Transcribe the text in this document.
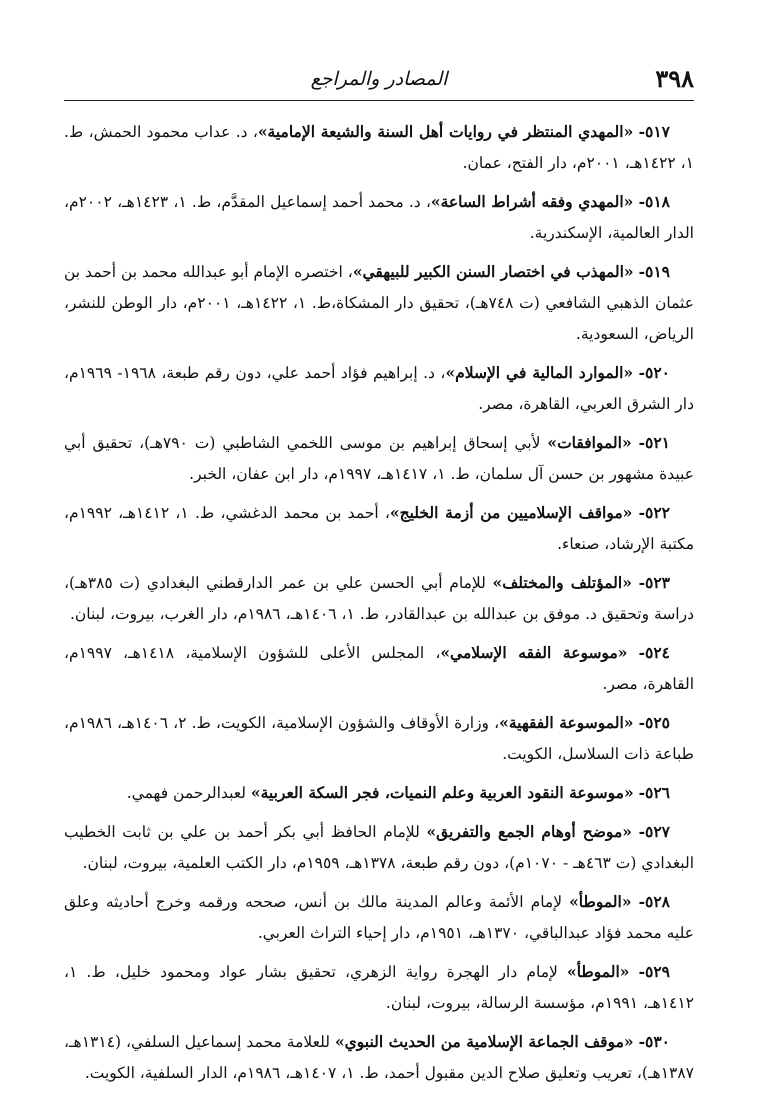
٣٩٨
المصادر والمراجع

٥١٧- «المهدي المنتظر في روايات أهل السنة والشيعة الإمامية»، د. عداب محمود الحمش، ط. ١، ١٤٢٢هـ، ٢٠٠١م، دار الفتح، عمان.

٥١٨- «المهدي وفقه أشراط الساعة»، د. محمد أحمد إسماعيل المقدَّم، ط. ١، ١٤٢٣هـ، ٢٠٠٢م، الدار العالمية، الإسكندرية.

٥١٩- «المهذب في اختصار السنن الكبير للبيهقي»، اختصره الإمام أبو عبدالله محمد بن أحمد بن عثمان الذهبي الشافعي (ت ٧٤٨هـ)، تحقيق دار المشكاة،ط. ١، ١٤٢٢هـ، ٢٠٠١م، دار الوطن للنشر، الرياض، السعودية.

٥٢٠- «الموارد المالية في الإسلام»، د. إبراهيم فؤاد أحمد علي، دون رقم طبعة، ١٩٦٨- ١٩٦٩م، دار الشرق العربي، القاهرة، مصر.

٥٢١- «الموافقات» لأبي إسحاق إبراهيم بن موسى اللخمي الشاطبي (ت ٧٩٠هـ)، تحقيق أبي عبيدة مشهور بن حسن آل سلمان، ط. ١، ١٤١٧هـ، ١٩٩٧م، دار ابن عفان، الخبر.

٥٢٢- «مواقف الإسلاميين من أزمة الخليج»، أحمد بن محمد الدغشي، ط. ١، ١٤١٢هـ، ١٩٩٢م، مكتبة الإرشاد، صنعاء.

٥٢٣- «المؤتلف والمختلف» للإمام أبي الحسن علي بن عمر الدارقطني البغدادي (ت ٣٨٥هـ)، دراسة وتحقيق د. موفق بن عبدالله بن عبدالقادر، ط. ١، ١٤٠٦هـ، ١٩٨٦م، دار الغرب، بيروت، لبنان.

٥٢٤- «موسوعة الفقه الإسلامي»، المجلس الأعلى للشؤون الإسلامية، ١٤١٨هـ، ١٩٩٧م، القاهرة، مصر.

٥٢٥- «الموسوعة الفقهية»، وزارة الأوقاف والشؤون الإسلامية، الكويت، ط. ٢، ١٤٠٦هـ، ١٩٨٦م، طباعة ذات السلاسل، الكويت.

٥٢٦- «موسوعة النقود العربية وعلم النميات، فجر السكة العربية» لعبدالرحمن فهمي.

٥٢٧- «موضح أوهام الجمع والتفريق» للإمام الحافظ أبي بكر أحمد بن علي بن ثابت الخطيب البغدادي (ت ٤٦٣هـ - ١٠٧٠م)، دون رقم طبعة، ١٣٧٨هـ، ١٩٥٩م، دار الكتب العلمية، بيروت، لبنان.

٥٢٨- «الموطأ» لإمام الأئمة وعالم المدينة مالك بن أنس، صححه ورقمه وخرج أحاديثه وعلق عليه محمد فؤاد عبدالباقي، ١٣٧٠هـ، ١٩٥١م، دار إحياء التراث العربي.

٥٢٩- «الموطأ» لإمام دار الهجرة رواية الزهري، تحقيق بشار عواد ومحمود خليل، ط. ١، ١٤١٢هـ، ١٩٩١م، مؤسسة الرسالة، بيروت، لبنان.

٥٣٠- «موقف الجماعة الإسلامية من الحديث النبوي» للعلامة محمد إسماعيل السلفي، (١٣١٤هـ، ١٣٨٧هـ)، تعريب وتعليق صلاح الدين مقبول أحمد، ط. ١، ١٤٠٧هـ، ١٩٨٦م، الدار السلفية، الكويت.
